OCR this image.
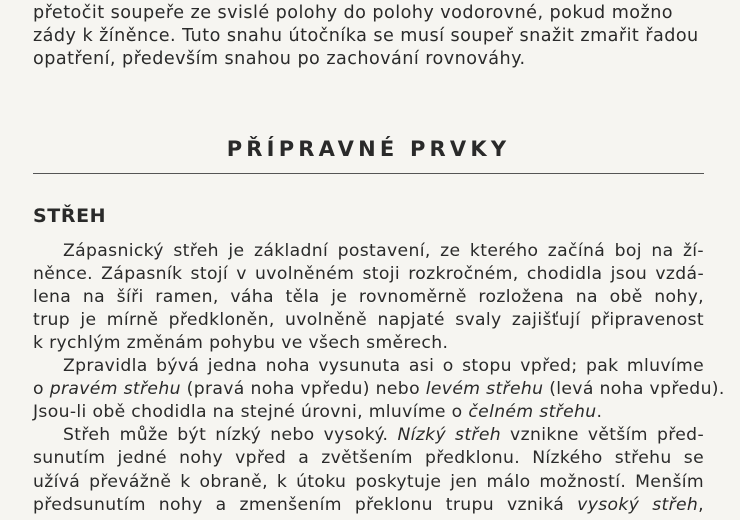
přetočit soupeře ze svislé polohy do polohy vodorovné, pokud možno
zády k žíněnce. Tuto snahu útočníka se musí soupeř snažit zmařit řadou
opatření, především snahou po zachování rovnováhy.

PŘÍPRAVNÉ PRVKY
STŘEH
Zápasnický střeh je základní postavení, ze kterého začíná boj na ží-
něnce. Zápasník stojí v uvolněném stoji rozkročném, chodidla jsou vzdá-
lena na šíři ramen, váha těla je rovnoměrně rozložena na obě nohy,
trup je mírně předkloněn, uvolněně napjaté svaly zajišťují připravenost
k rychlým změnám pohybu ve všech směrech.
Zpravidla bývá jedna noha vysunuta asi o stopu vpřed; pak mluvíme
o pravém střehu (pravá noha vpředu) nebo levém střehu (levá noha vpředu).
Jsou-li obě chodidla na stejné úrovni, mluvíme o čelném střehu.
Střeh může být nízký nebo vysoký. Nízký střeh vzniknе větším před-
sunutím jedné nohy vpřed a zvětšením předklonu. Nízkého střehu se
užívá převážně k obraně, k útoku poskytuje jen málo možností. Menším
předsunutím nohy a zmenšením překlonu trupu vzniká vysoký střeh,
